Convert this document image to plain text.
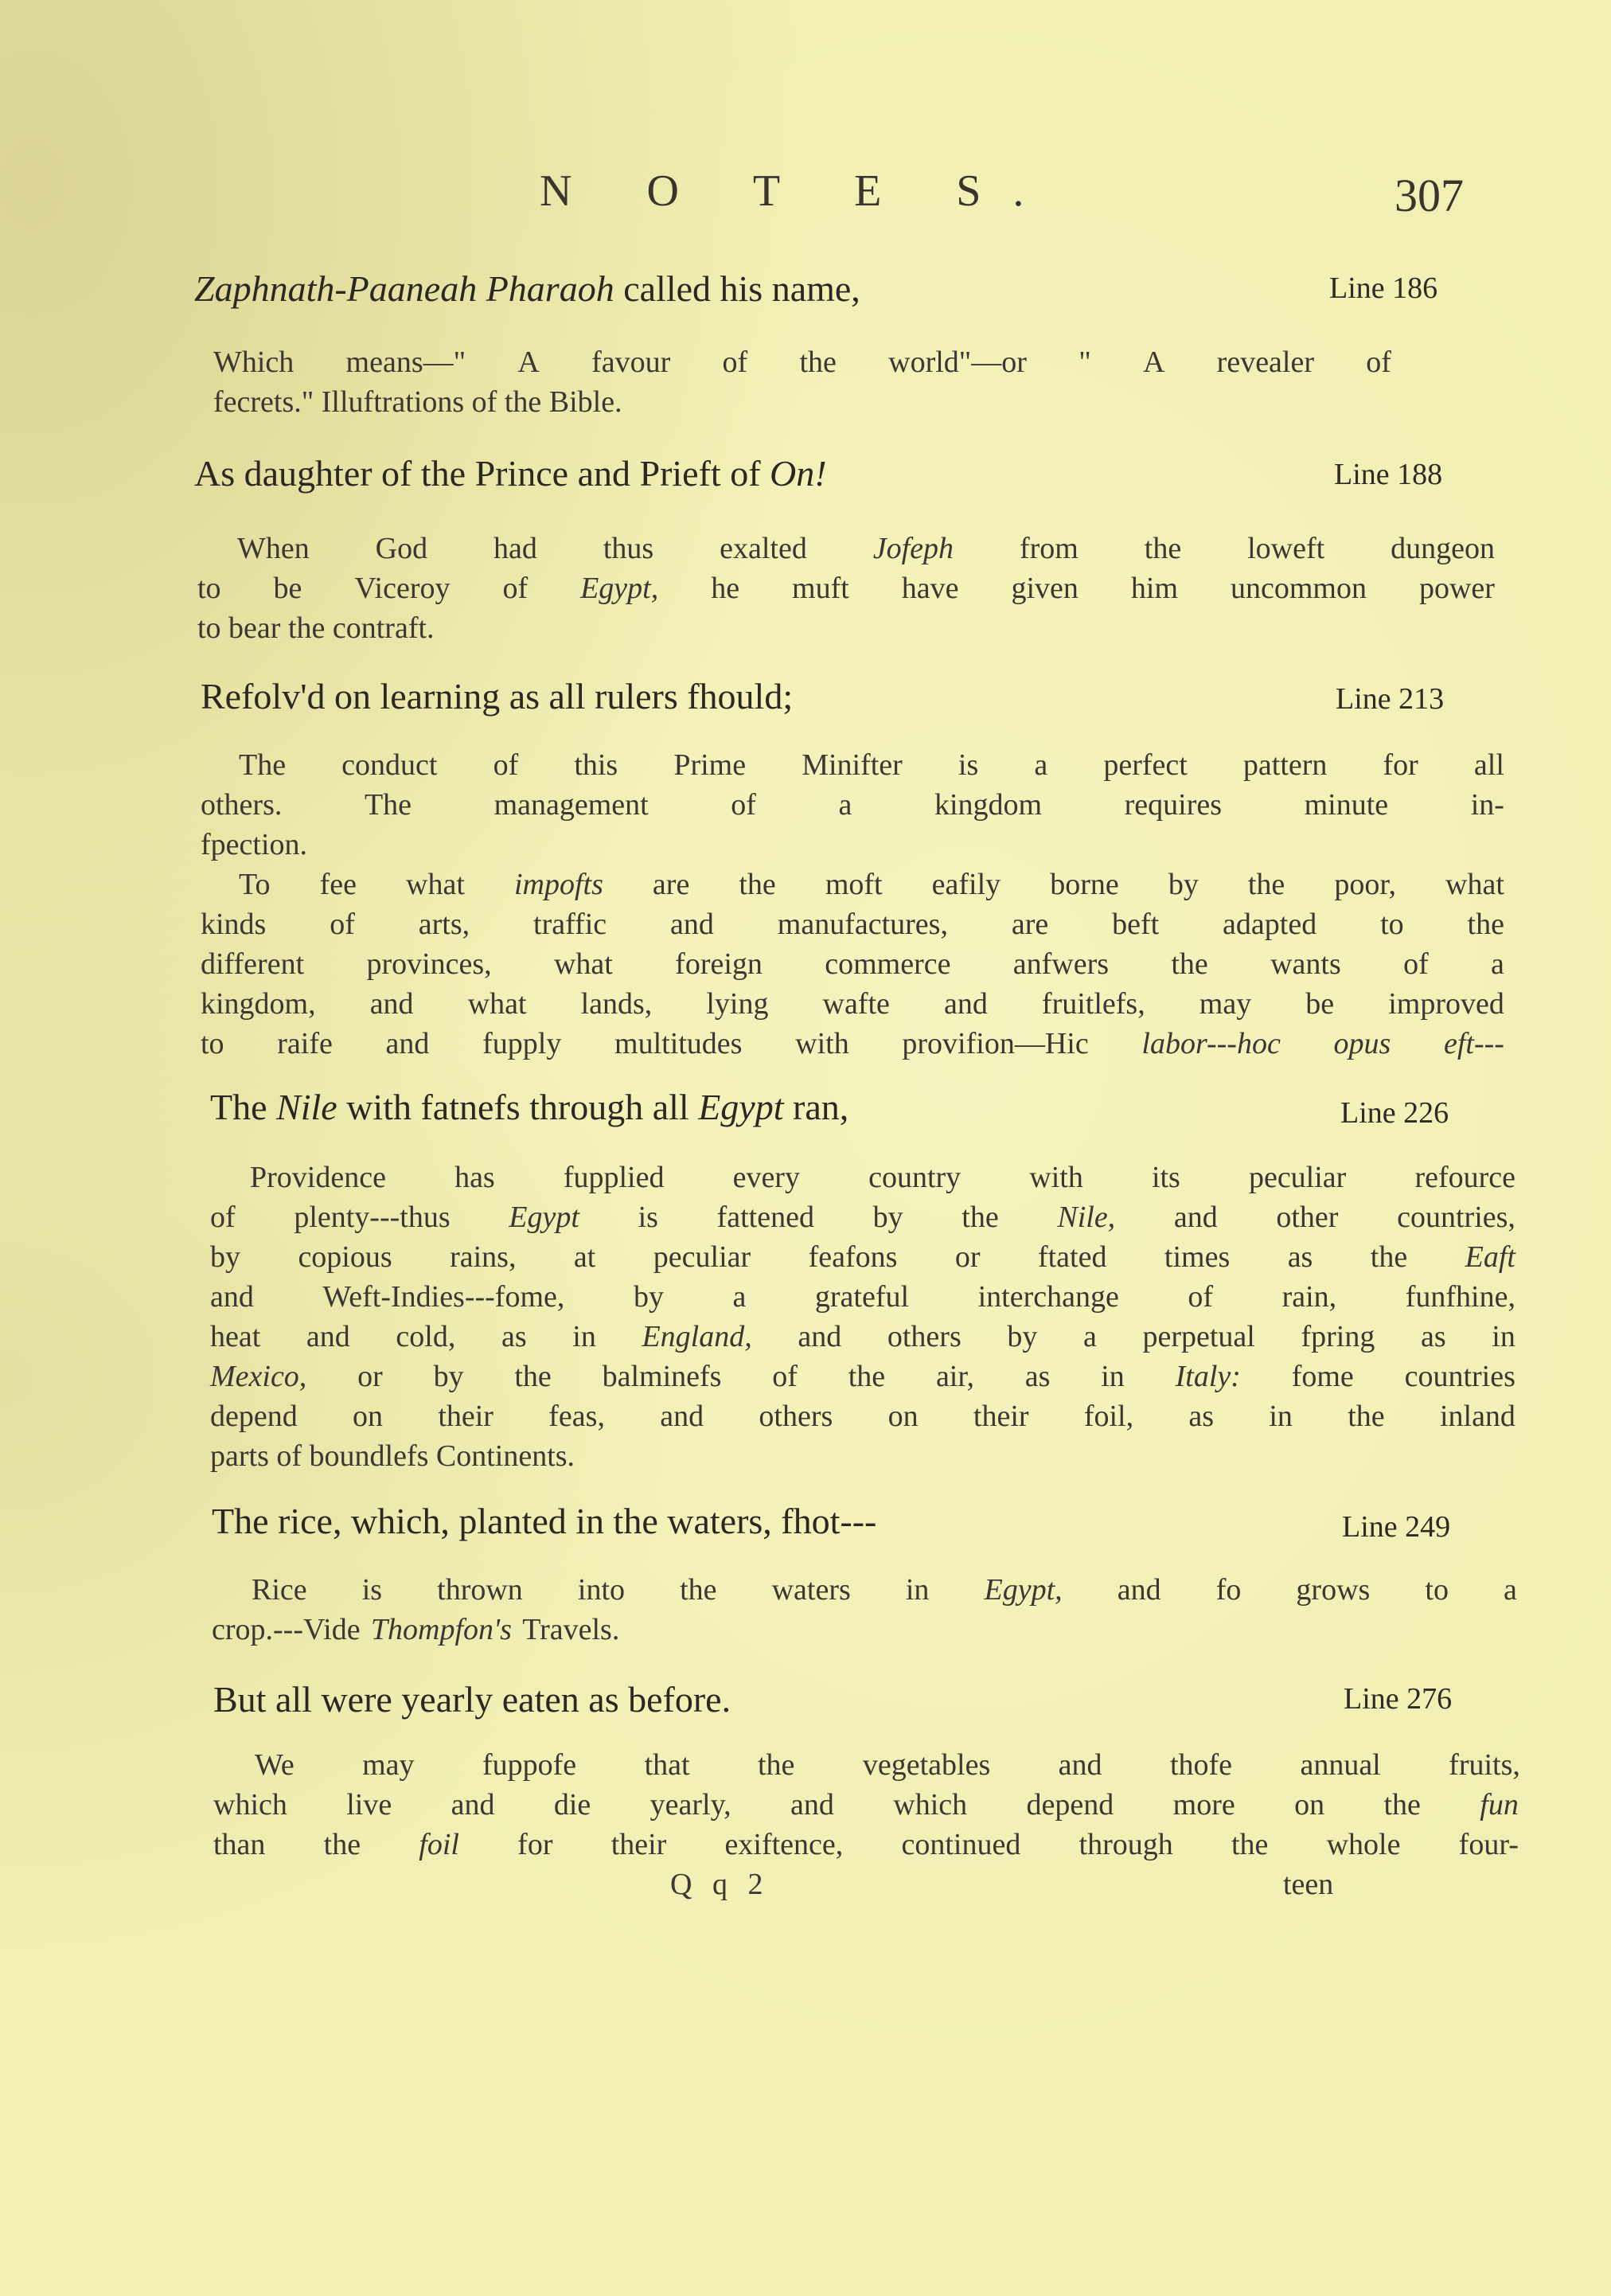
N O T E S.	307
Zaphnath-Paaneah Pharaoh called his name,	Line 186

Which means—" A favour of the world"—or " A revealer of

fecrets." Illuftrations of the Bible.

As daughter of the Prince and Prieft of On!	Line 188

When God had thus exalted Jofeph from the loweft dungeon

to be Viceroy of Egypt, he muft have given him uncommon power

to bear the contraft.

Refolv'd on learning as all rulers fhould;	Line 213

The conduct of this Prime Minifter is a perfect pattern for all

others.	The	management	of	a	kingdom	requires	minute	in-

fpection.

To fee what impofts are the moft eafily borne by the poor, what

kinds of arts, traffic and manufactures, are beft adapted to the

different provinces, what foreign commerce anfwers the wants of a

kingdom, and what lands, lying wafte and fruitlefs, may be improved

to raife and fupply multitudes with provifion—Hic labor---hoc opus eft---

The Nile with fatnefs through all Egypt ran,	Line 226

Providence has fupplied every country with its peculiar refource

of plenty---thus Egypt is fattened by the Nile, and other countries,

by copious rains, at peculiar feafons or ftated times as the Eaft

and Weft-Indies---fome, by a grateful interchange of rain, funfhine,

heat and cold, as in England, and others by a perpetual fpring as in

Mexico, or by the balminefs of the air, as in Italy: fome countries

depend on their feas, and others on their foil, as in the inland

parts of boundlefs Continents.

The rice, which, planted in the waters, fhot---	Line 249

Rice is thrown into the waters in Egypt, and fo grows to a

crop.---Vide Thompfon's Travels.

But all were yearly eaten as before.	Line 276

We may fuppofe that the vegetables and thofe annual fruits,

which live and die yearly, and which depend more on the fun

than the foil for their exiftence, continued through the whole four-

Q q 2	teen
